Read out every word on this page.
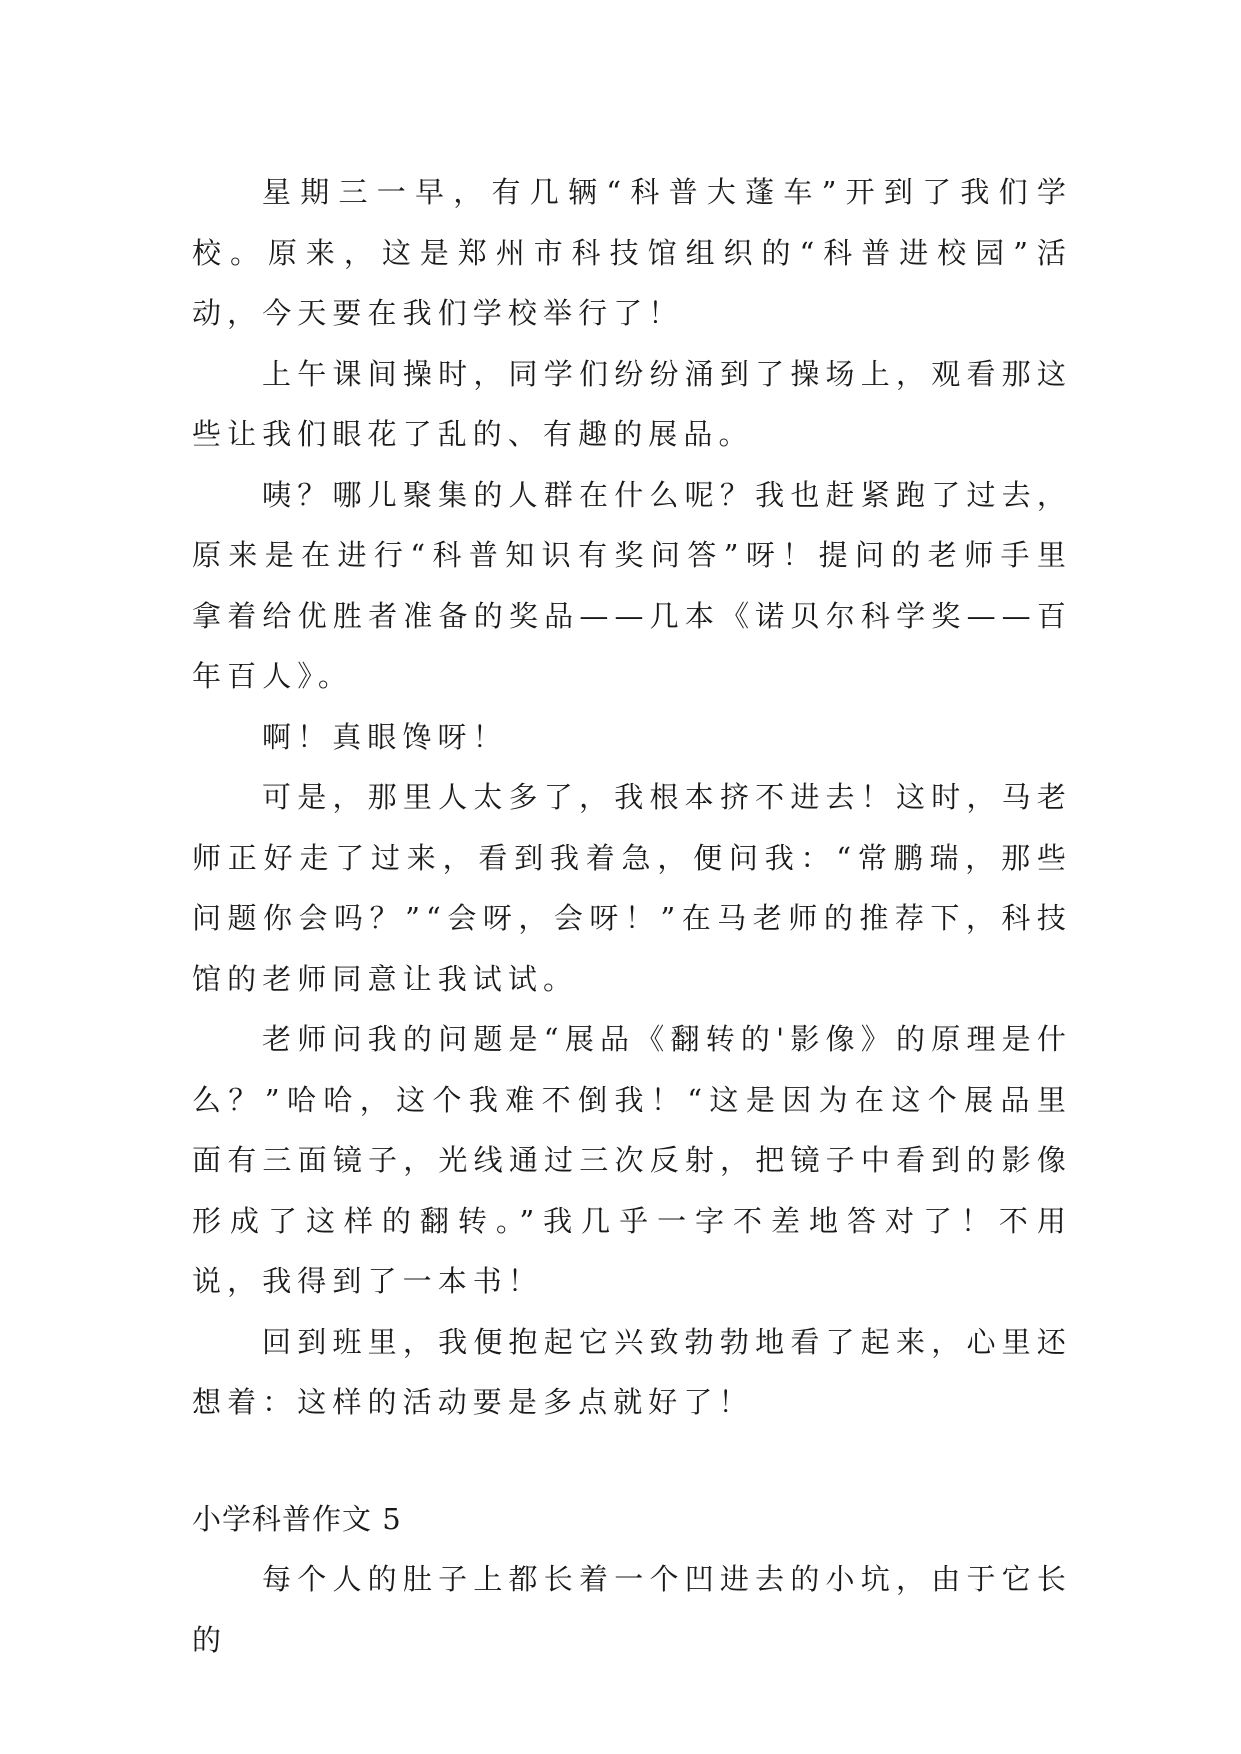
星期三一早，有几辆“科普大蓬车”开到了我们学校。原来，这是郑州市科技馆组织的“科普进校园”活动，今天要在我们学校举行了！

上午课间操时，同学们纷纷涌到了操场上，观看那这些让我们眼花了乱的、有趣的展品。

咦？哪儿聚集的人群在什么呢？我也赶紧跑了过去，原来是在进行“科普知识有奖问答”呀！提问的老师手里拿着给优胜者准备的奖品——几本《诺贝尔科学奖——百年百人》。

啊！真眼馋呀！

可是，那里人太多了，我根本挤不进去！这时，马老师正好走了过来，看到我着急，便问我：“常鹏瑞，那些问题你会吗？”“会呀，会呀！”在马老师的推荐下，科技馆的老师同意让我试试。

老师问我的问题是“展品《翻转的'影像》的原理是什么？”哈哈，这个我难不倒我！“这是因为在这个展品里面有三面镜子，光线通过三次反射，把镜子中看到的影像形成了这样的翻转。”我几乎一字不差地答对了！不用说，我得到了一本书！

回到班里，我便抱起它兴致勃勃地看了起来，心里还想着：这样的活动要是多点就好了！

小学科普作文 5

每个人的肚子上都长着一个凹进去的小坑，由于它长的
